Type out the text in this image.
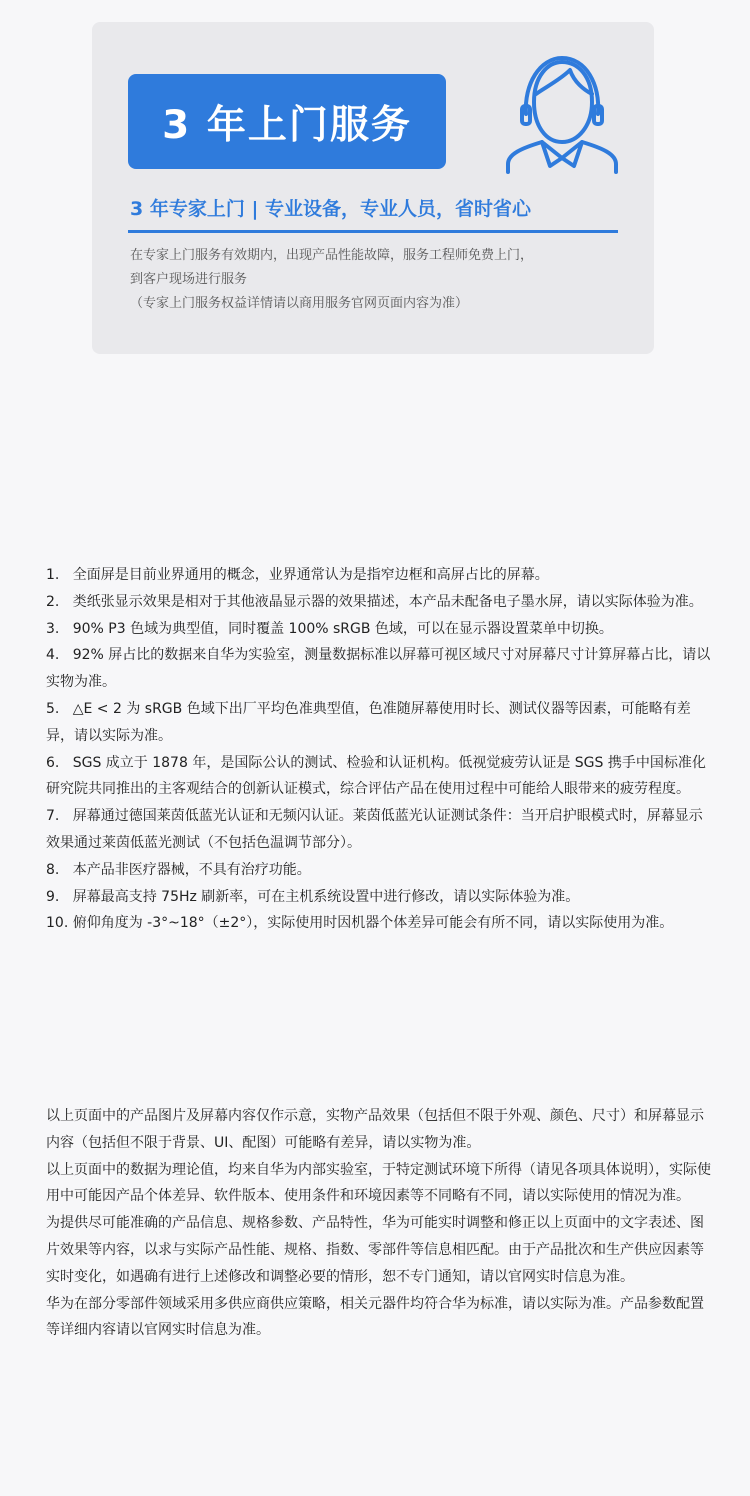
3 年上门服务
3 年专家上门 | 专业设备，专业人员，省时省心
在专家上门服务有效期内，出现产品性能故障，服务工程师免费上门，
到客户现场进行服务
（专家上门服务权益详情请以商用服务官网页面内容为准）
1. 全面屏是目前业界通用的概念，业界通常认为是指窄边框和高屏占比的屏幕。
2. 类纸张显示效果是相对于其他液晶显示器的效果描述，本产品未配备电子墨水屏，请以实际体验为准。
3. 90% P3 色域为典型值，同时覆盖 100% sRGB 色域，可以在显示器设置菜单中切换。
4. 92% 屏占比的数据来自华为实验室，测量数据标准以屏幕可视区域尺寸对屏幕尺寸计算屏幕占比，请以实物为准。
5. △E < 2 为 sRGB 色域下出厂平均色准典型值，色准随屏幕使用时长、测试仪器等因素，可能略有差异，请以实际为准。
6. SGS 成立于 1878 年，是国际公认的测试、检验和认证机构。低视觉疲劳认证是 SGS 携手中国标准化研究院共同推出的主客观结合的创新认证模式，综合评估产品在使用过程中可能给人眼带来的疲劳程度。
7. 屏幕通过德国莱茵低蓝光认证和无频闪认证。莱茵低蓝光认证测试条件：当开启护眼模式时，屏幕显示效果通过莱茵低蓝光测试（不包括色温调节部分）。
8. 本产品非医疗器械，不具有治疗功能。
9. 屏幕最高支持 75Hz 刷新率，可在主机系统设置中进行修改，请以实际体验为准。
10. 俯仰角度为 -3°~18°（±2°），实际使用时因机器个体差异可能会有所不同，请以实际使用为准。
以上页面中的产品图片及屏幕内容仅作示意，实物产品效果（包括但不限于外观、颜色、尺寸）和屏幕显示内容（包括但不限于背景、UI、配图）可能略有差异，请以实物为准。
以上页面中的数据为理论值，均来自华为内部实验室，于特定测试环境下所得（请见各项具体说明），实际使用中可能因产品个体差异、软件版本、使用条件和环境因素等不同略有不同，请以实际使用的情况为准。
为提供尽可能准确的产品信息、规格参数、产品特性，华为可能实时调整和修正以上页面中的文字表述、图片效果等内容，以求与实际产品性能、规格、指数、零部件等信息相匹配。由于产品批次和生产供应因素等实时变化，如遇确有进行上述修改和调整必要的情形，恕不专门通知，请以官网实时信息为准。
华为在部分零部件领域采用多供应商供应策略，相关元器件均符合华为标准，请以实际为准。产品参数配置等详细内容请以官网实时信息为准。
